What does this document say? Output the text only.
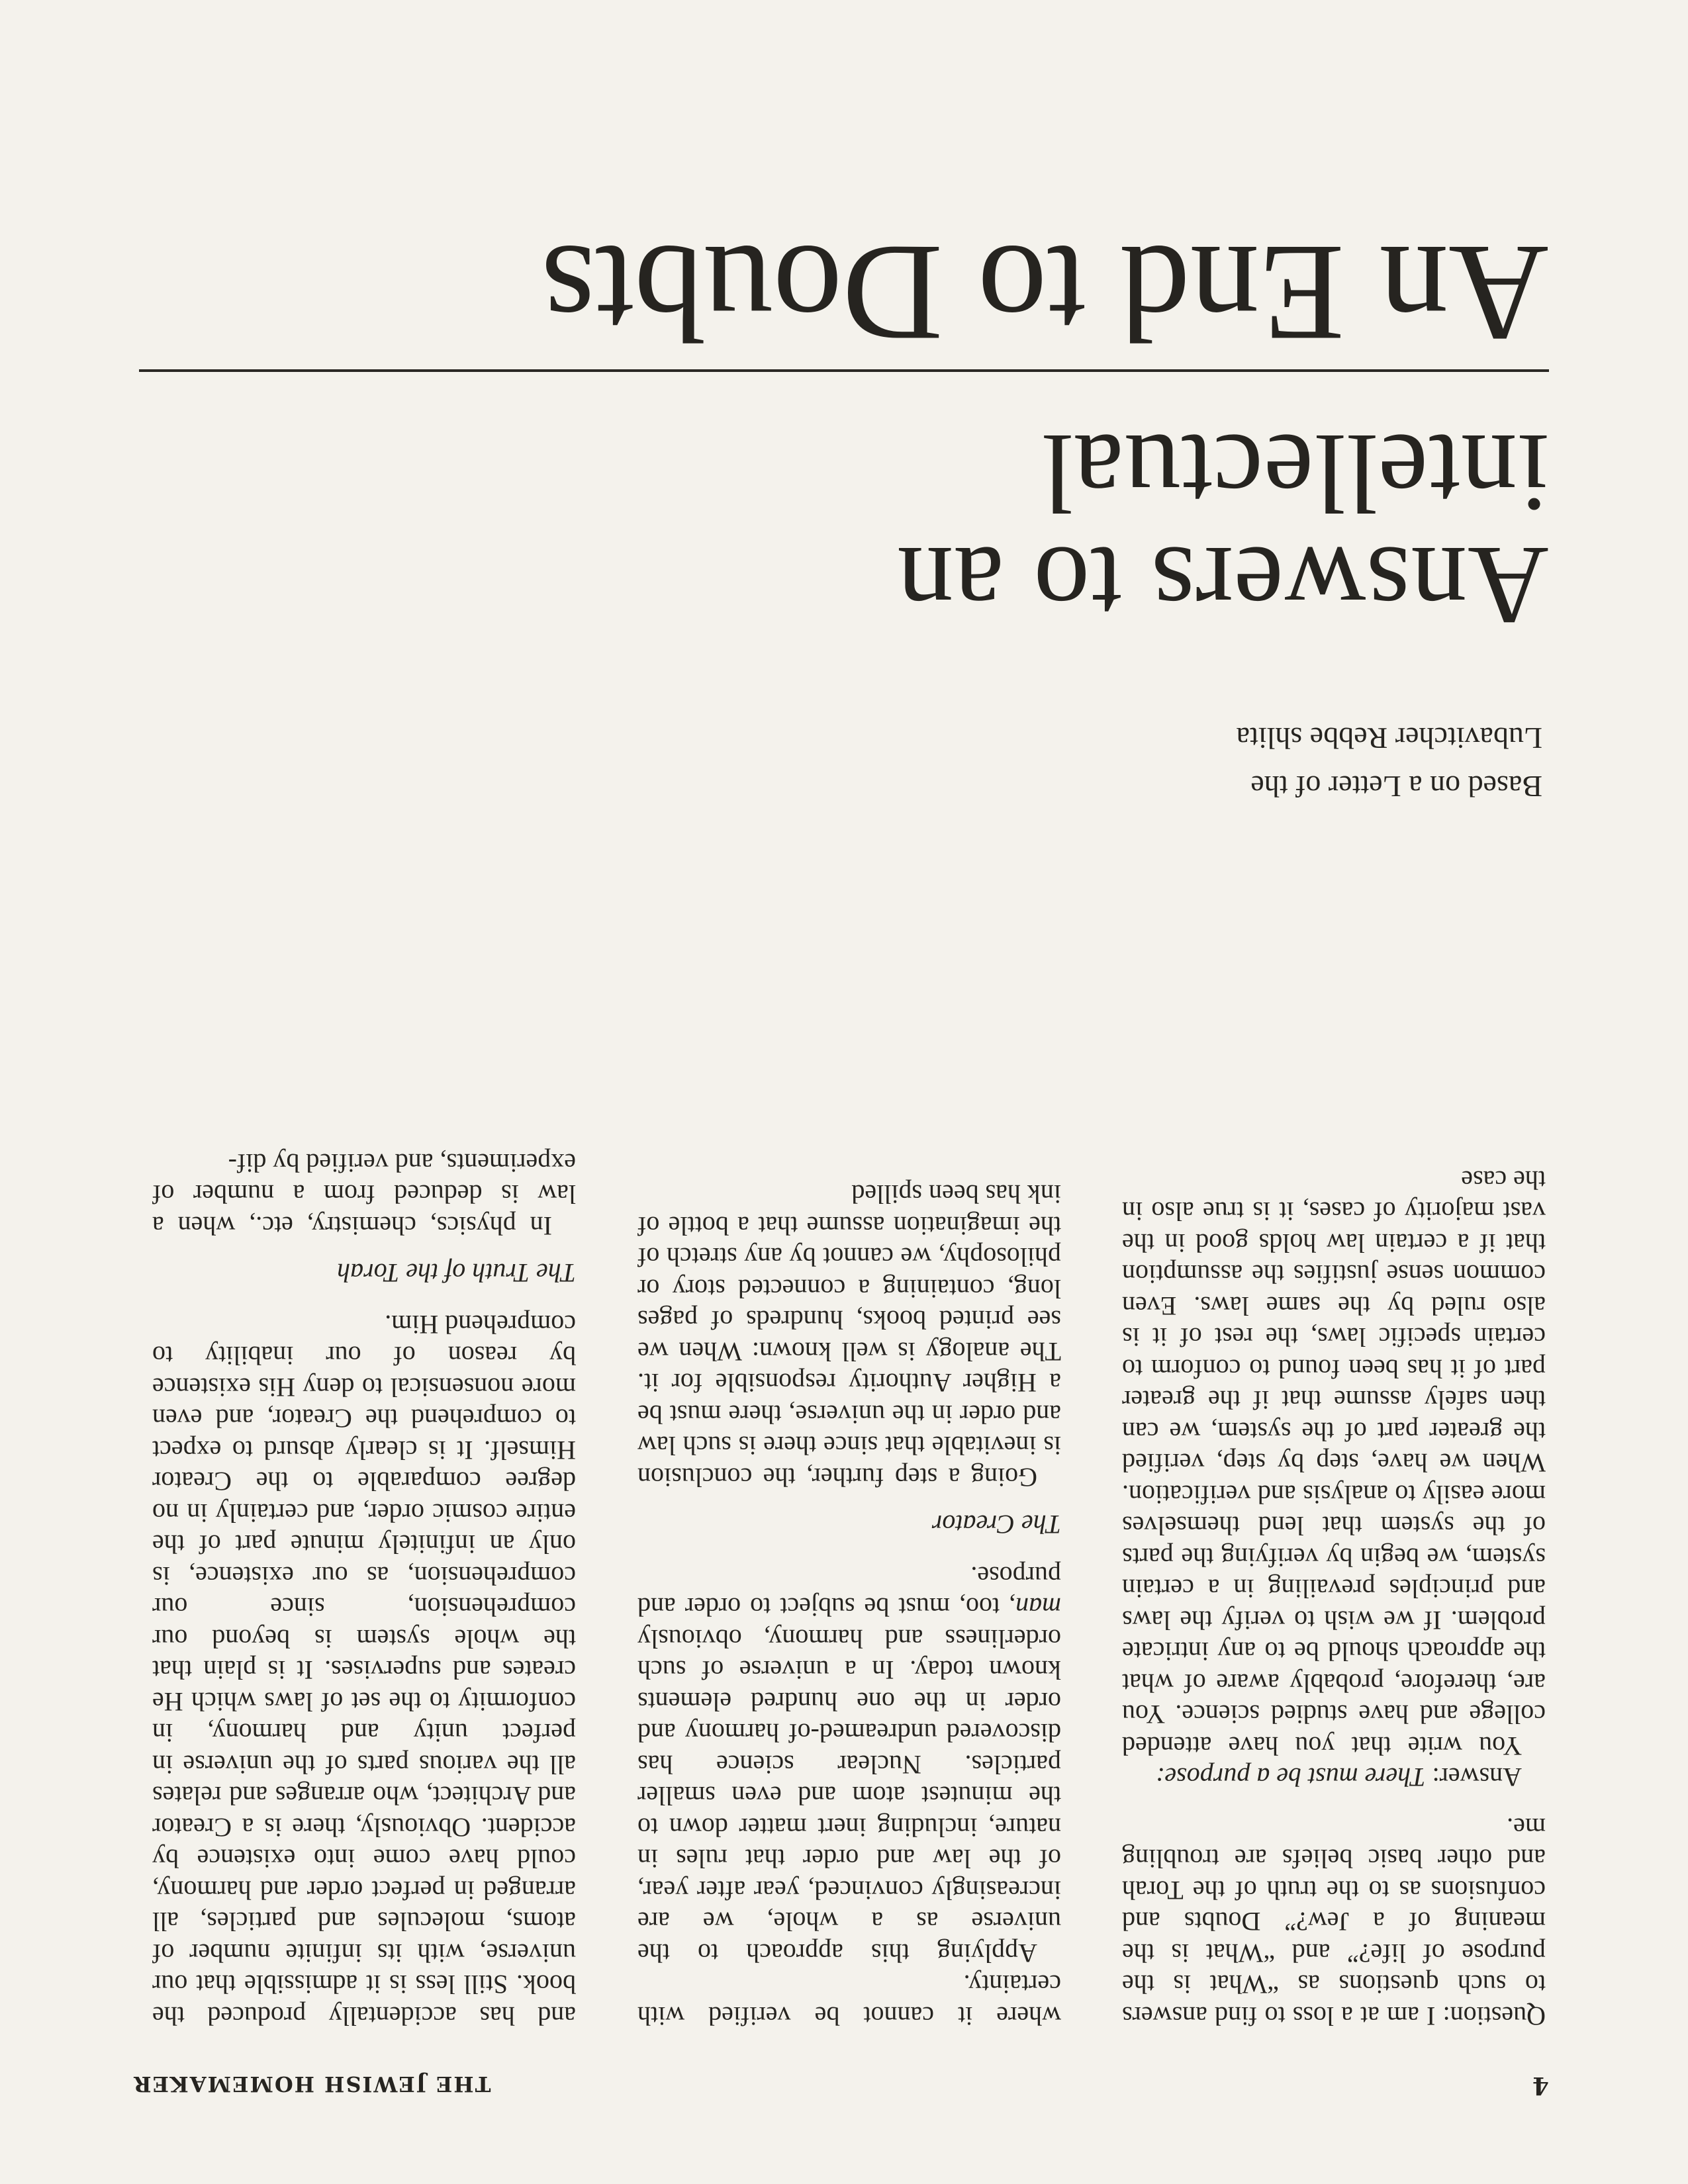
4
THE JEWISH HOMEMAKER

Question: I am at a loss to find answers to such questions as “What is the purpose of life?” and “What is the meaning of a Jew?” Doubts and confusions as to the truth of the Torah and other basic beliefs are troubling me.

Answer: There must be a purpose:

You write that you have attended college and have studied science. You are, therefore, probably aware of what the approach should be to any intricate problem. If we wish to verify the laws and principles prevailing in a certain system, we begin by verifying the parts of the system that lend themselves more easily to analysis and verification. When we have, step by step, verified the greater part of the system, we can then safely assume that if the greater part of it has been found to conform to certain specific laws, the rest of it is also ruled by the same laws. Even common sense justifies the assumption that if a certain law holds good in the vast majority of cases, it is true also in the case

where it cannot be verified with certainty.

Applying this approach to the universe as a whole, we are increasingly convinced, year after year, of the law and order that rules in nature, including inert matter down to the minutest atom and even smaller particles. Nuclear science has discovered undreamed-of harmony and order in the one hundred elements known today. In a universe of such orderliness and harmony, obviously man, too, must be subject to order and purpose.

The Creator

Going a step further, the conclusion is inevitable that since there is such law and order in the universe, there must be a Higher Authority responsible for it. The analogy is well known: When we see printed books, hundreds of pages long, containing a connected story or philosophy, we cannot by any stretch of the imagination assume that a bottle of ink has been spilled

and has accidentally produced the book. Still less is it admissible that our universe, with its infinite number of atoms, molecules and particles, all arranged in perfect order and harmony, could have come into existence by accident. Obviously, there is a Creator and Architect, who arranges and relates all the various parts of the universe in perfect unity and harmony, in conformity to the set of laws which He creates and supervises. It is plain that the whole system is beyond our comprehension, since our comprehension, as our existence, is only an infinitely minute part of the entire cosmic order, and certainly in no degree comparable to the Creator Himself. It is clearly absurd to expect to comprehend the Creator, and even more nonsensical to deny His existence by reason of our inability to comprehend Him.

The Truth of the Torah

In physics, chemistry, etc., when a law is deduced from a number of experiments, and verified by dif-

Based on a Letter of the
Lubavitcher Rebbe shlita

Answers to an

intellectual

An End to Doubts
